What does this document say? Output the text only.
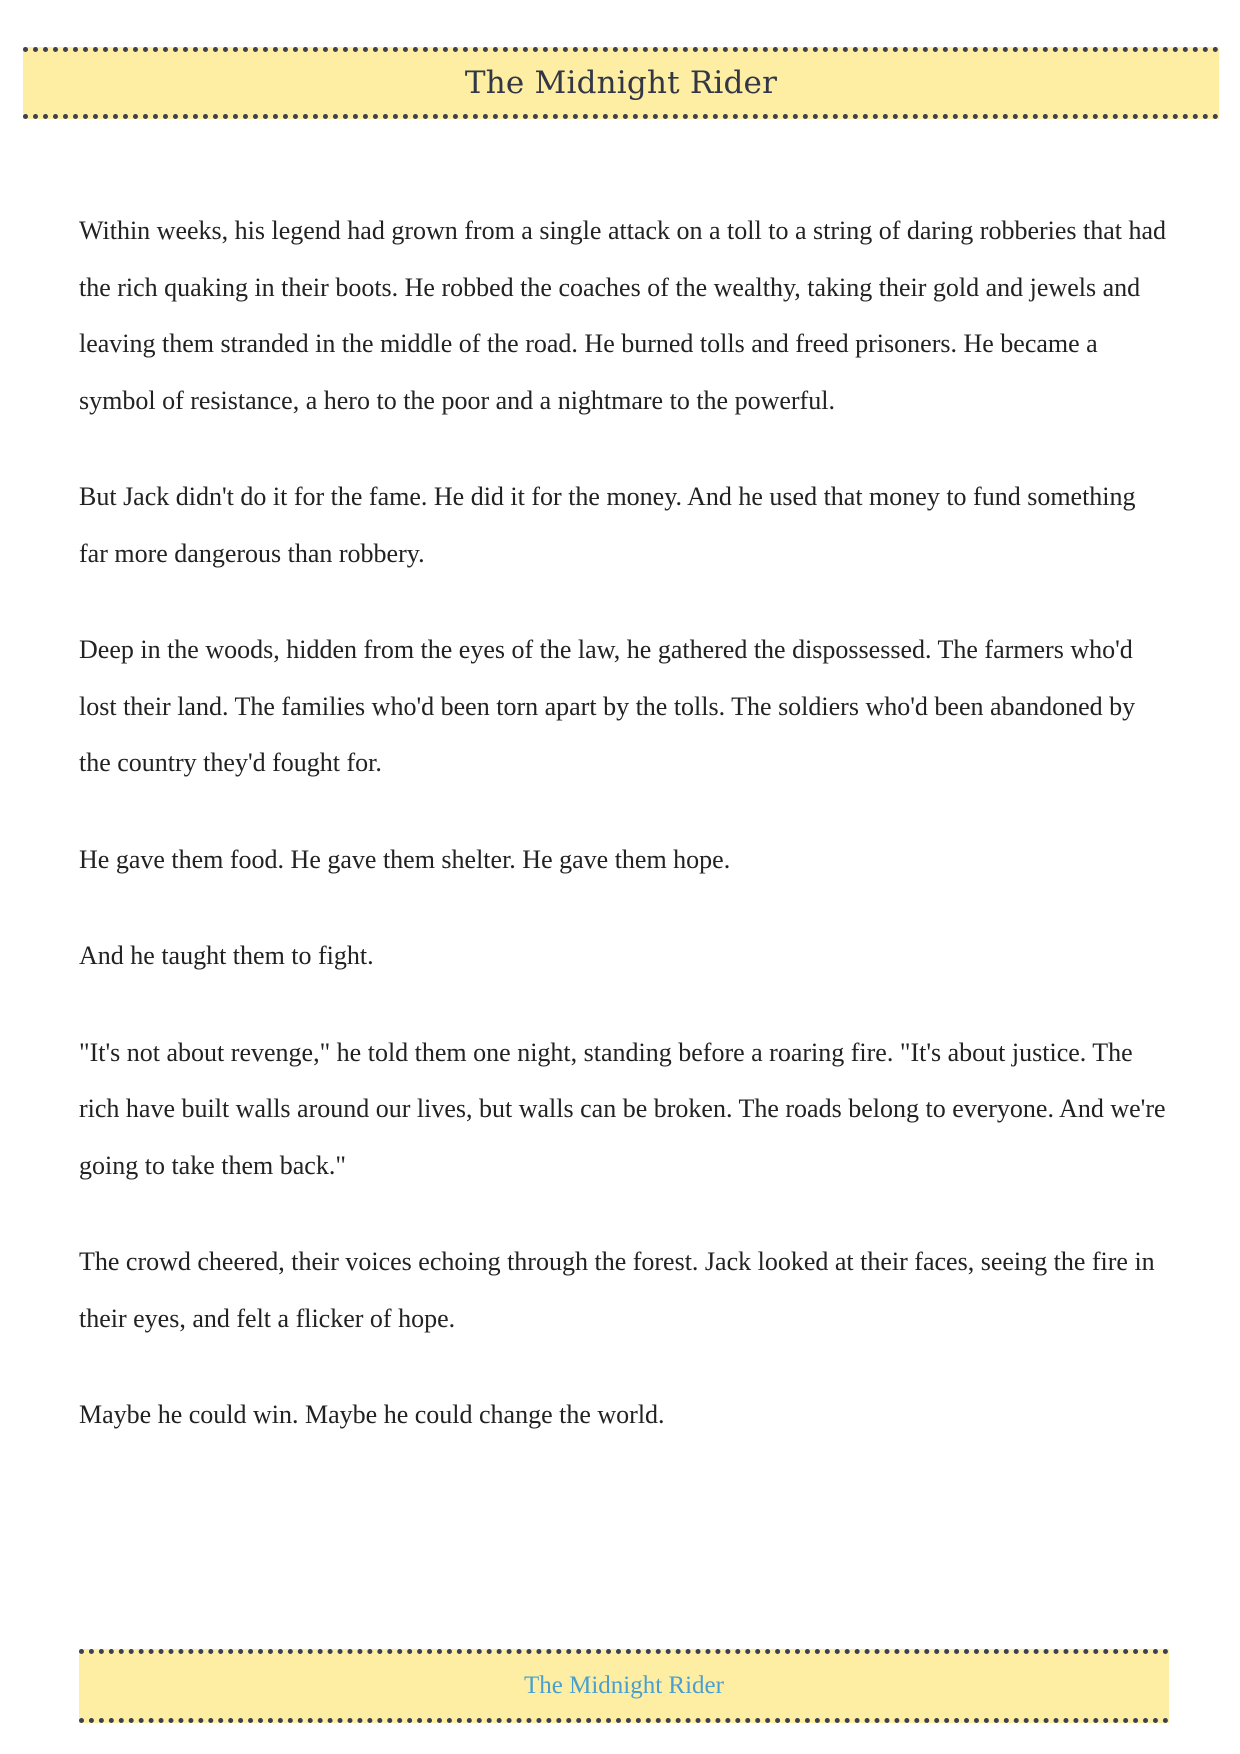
The Midnight Rider

Within weeks, his legend had grown from a single attack on a toll to a string of daring robberies that had the rich quaking in their boots. He robbed the coaches of the wealthy, taking their gold and jewels and leaving them stranded in the middle of the road. He burned tolls and freed prisoners. He became a symbol of resistance, a hero to the poor and a nightmare to the powerful.

But Jack didn't do it for the fame. He did it for the money. And he used that money to fund something far more dangerous than robbery.

Deep in the woods, hidden from the eyes of the law, he gathered the dispossessed. The farmers who'd lost their land. The families who'd been torn apart by the tolls. The soldiers who'd been abandoned by the country they'd fought for.

He gave them food. He gave them shelter. He gave them hope.

And he taught them to fight.

"It's not about revenge," he told them one night, standing before a roaring fire. "It's about justice. The rich have built walls around our lives, but walls can be broken. The roads belong to everyone. And we're going to take them back."

The crowd cheered, their voices echoing through the forest. Jack looked at their faces, seeing the fire in their eyes, and felt a flicker of hope.

Maybe he could win. Maybe he could change the world.

The Midnight Rider
